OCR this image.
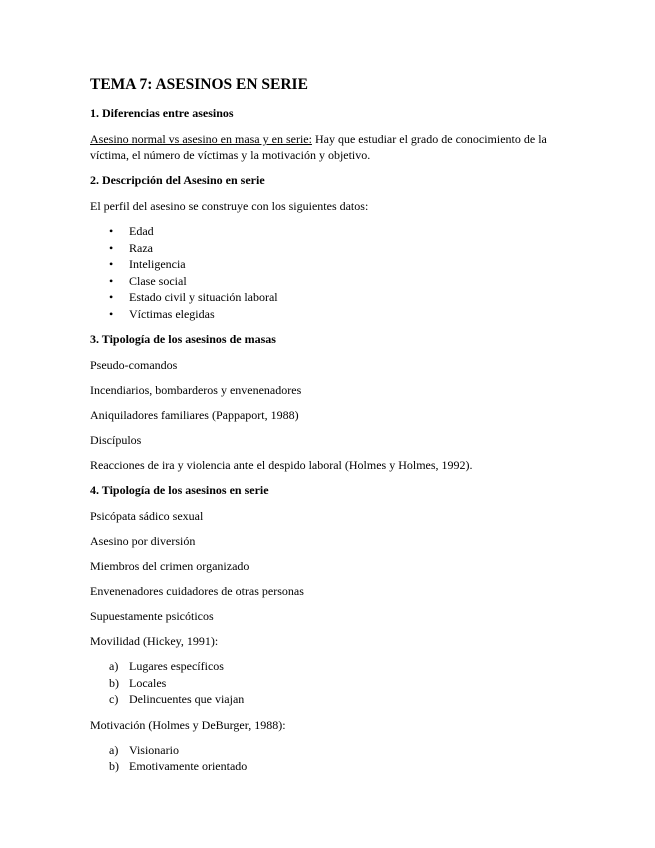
TEMA 7: ASESINOS EN SERIE
1. Diferencias entre asesinos

Asesino normal vs asesino en masa y en serie: Hay que estudiar el grado de conocimiento de la víctima, el número de víctimas y la motivación y objetivo.

2. Descripción del Asesino en serie

El perfil del asesino se construye con los siguientes datos:

• Edad
• Raza
• Inteligencia
• Clase social
• Estado civil y situación laboral
• Víctimas elegidas
3. Tipología de los asesinos de masas

Pseudo-comandos

Incendiarios, bombarderos y envenenadores

Aniquiladores familiares (Pappaport, 1988)

Discípulos

Reacciones de ira y violencia ante el despido laboral (Holmes y Holmes, 1992).

4. Tipología de los asesinos en serie

Psicópata sádico sexual

Asesino por diversión

Miembros del crimen organizado

Envenenadores cuidadores de otras personas

Supuestamente psicóticos

Movilidad (Hickey, 1991):

a) Lugares específicos
b) Locales
c) Delincuentes que viajan

Motivación (Holmes y DeBurger, 1988):

a) Visionario
b) Emotivamente orientado
